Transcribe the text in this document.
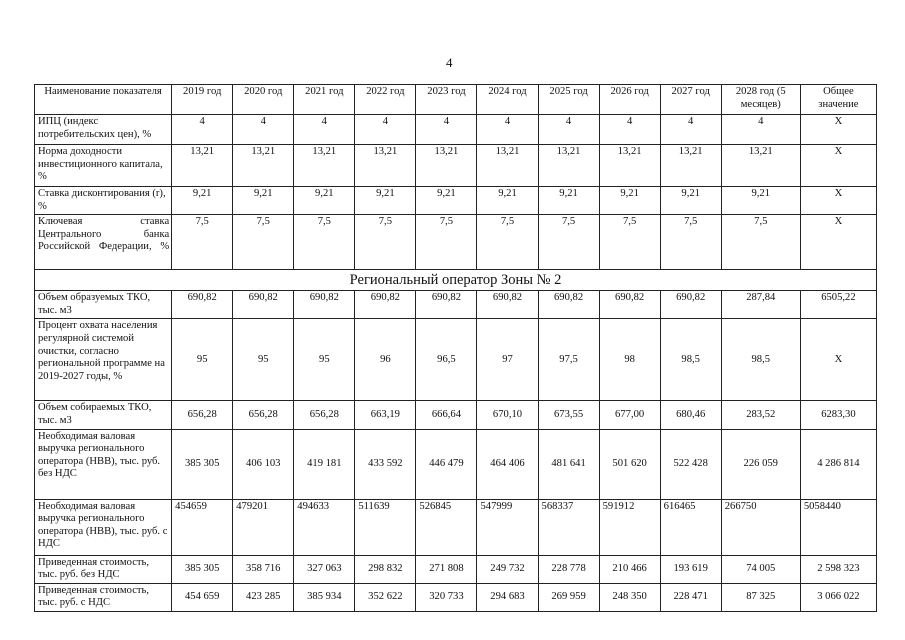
4
Наименование показателя	2019 год	2020 год	2021 год	2022 год	2023 год	2024 год	2025 год	2026 год	2027 год	2028 год (5 месяцев)	Общее значение
ИПЦ (индекс потребительских цен), %	4	4	4	4	4	4	4	4	4	4	X
Норма доходности инвестиционного капитала, %	13,21	13,21	13,21	13,21	13,21	13,21	13,21	13,21	13,21	13,21	X
Ставка дисконтирования (r), %	9,21	9,21	9,21	9,21	9,21	9,21	9,21	9,21	9,21	9,21	X
Ключевая ставка Центрального банка Российской Федерации, %	7,5	7,5	7,5	7,5	7,5	7,5	7,5	7,5	7,5	7,5	X
Региональный оператор Зоны № 2											
Объем образуемых ТКО, тыс. м3	690,82	690,82	690,82	690,82	690,82	690,82	690,82	690,82	690,82	287,84	6505,22
Процент охвата населения регулярной системой очистки, согласно региональной программе на 2019-2027 годы, %	95	95	95	96	96,5	97	97,5	98	98,5	98,5	X
Объем собираемых ТКО, тыс. м3	656,28	656,28	656,28	663,19	666,64	670,10	673,55	677,00	680,46	283,52	6283,30
Необходимая валовая выручка регионального оператора (НВВ), тыс. руб. без НДС	385 305	406 103	419 181	433 592	446 479	464 406	481 641	501 620	522 428	226 059	4 286 814
Необходимая валовая выручка регионального оператора (НВВ), тыс. руб. с НДС	454659	479201	494633	511639	526845	547999	568337	591912	616465	266750	5058440
Приведенная стоимость, тыс. руб. без НДС	385 305	358 716	327 063	298 832	271 808	249 732	228 778	210 466	193 619	74 005	2 598 323
Приведенная стоимость, тыс. руб. с НДС	454 659	423 285	385 934	352 622	320 733	294 683	269 959	248 350	228 471	87 325	3 066 022
